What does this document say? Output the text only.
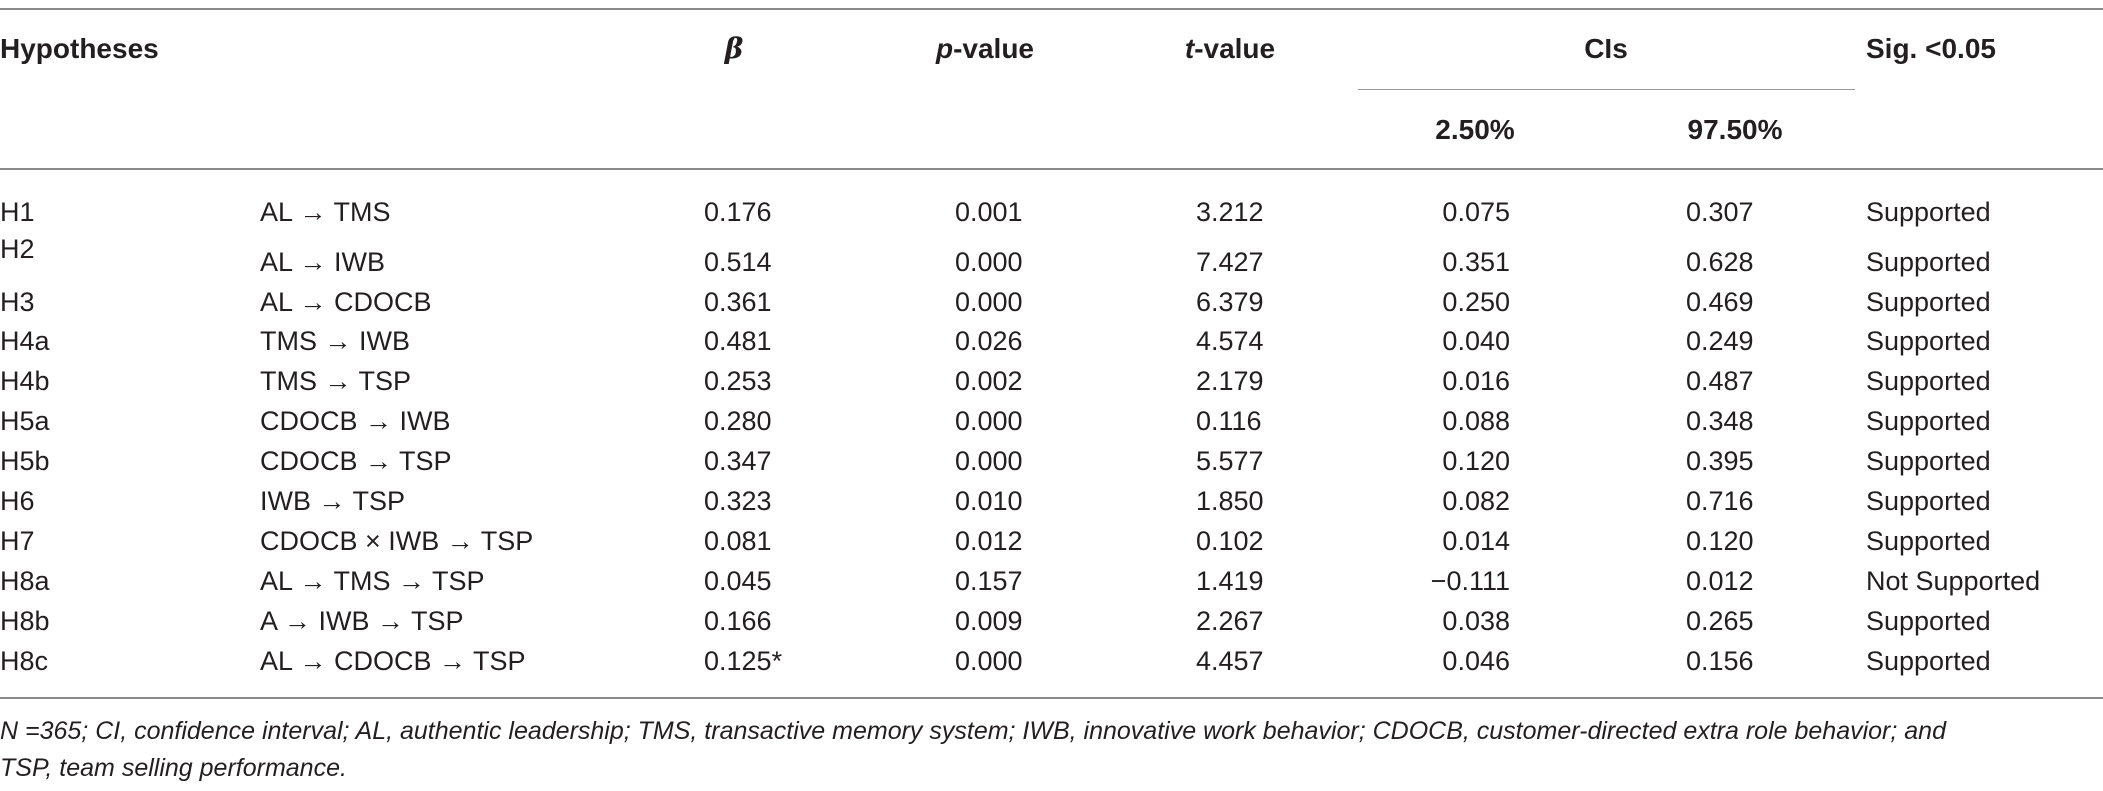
Hypotheses	β	p-value	t-value	CIs	Sig. <0.05
2.50%	97.50%
H1	AL → TMS	0.176	0.001	3.212	0.075	0.307	Supported
H2	AL → IWB	0.514	0.000	7.427	0.351	0.628	Supported
H3	AL → CDOCB	0.361	0.000	6.379	0.250	0.469	Supported
H4a	TMS → IWB	0.481	0.026	4.574	0.040	0.249	Supported
H4b	TMS → TSP	0.253	0.002	2.179	0.016	0.487	Supported
H5a	CDOCB → IWB	0.280	0.000	0.116	0.088	0.348	Supported
H5b	CDOCB → TSP	0.347	0.000	5.577	0.120	0.395	Supported
H6	IWB → TSP	0.323	0.010	1.850	0.082	0.716	Supported
H7	CDOCB × IWB → TSP	0.081	0.012	0.102	0.014	0.120	Supported
H8a	AL → TMS → TSP	0.045	0.157	1.419	−0.111	0.012	Not Supported
H8b	A → IWB → TSP	0.166	0.009	2.267	0.038	0.265	Supported
H8c	AL → CDOCB → TSP	0.125*	0.000	4.457	0.046	0.156	Supported
N =365; CI, confidence interval; AL, authentic leadership; TMS, transactive memory system; IWB, innovative work behavior; CDOCB, customer-directed extra role behavior; and
TSP, team selling performance.
